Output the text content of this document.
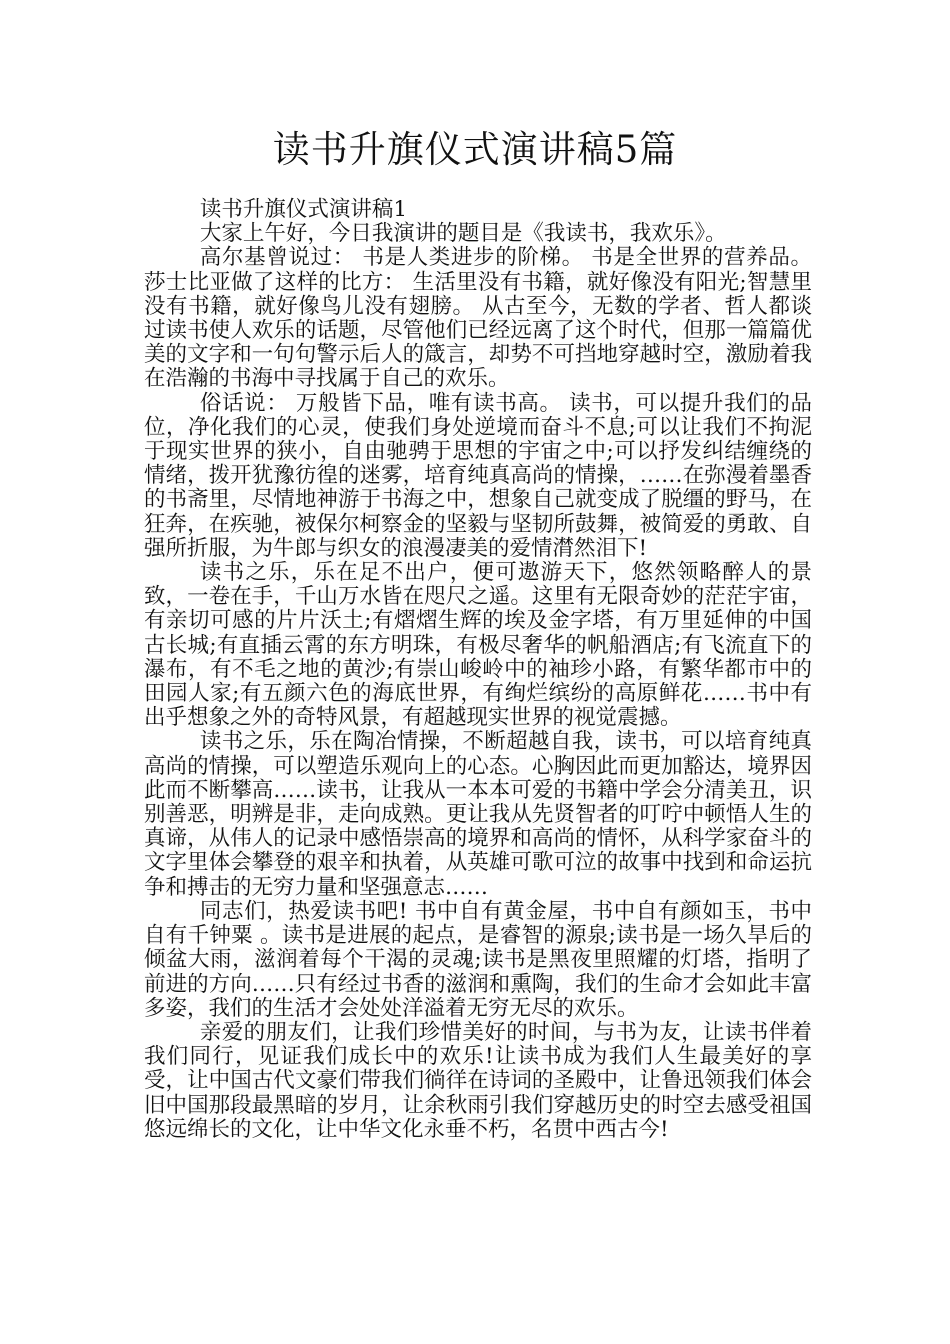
读书升旗仪式演讲稿5篇

读书升旗仪式演讲稿1

大家上午好，今日我演讲的题目是《我读书，我欢乐》。

高尔基曾说过： 书是人类进步的阶梯。 书是全世界的营养品。 莎士比亚做了这样的比方： 生活里没有书籍，就好像没有阳光;智慧里没有书籍，就好像鸟儿没有翅膀。 从古至今，无数的学者、哲人都谈过读书使人欢乐的话题，尽管他们已经远离了这个时代，但那一篇篇优美的文字和一句句警示后人的箴言，却势不可挡地穿越时空，激励着我在浩瀚的书海中寻找属于自己的欢乐。

俗话说： 万般皆下品，唯有读书高。 读书，可以提升我们的品位，净化我们的心灵，使我们身处逆境而奋斗不息;可以让我们不拘泥于现实世界的狭小，自由驰骋于思想的宇宙之中;可以抒发纠结缠绕的情绪，拨开犹豫彷徨的迷雾，培育纯真高尚的情操，……在弥漫着墨香的书斋里，尽情地神游于书海之中，想象自己就变成了脱缰的野马，在狂奔，在疾驰，被保尔柯察金的坚毅与坚韧所鼓舞，被简爱的勇敢、自强所折服，为牛郎与织女的浪漫凄美的爱情潸然泪下!

读书之乐，乐在足不出户，便可遨游天下，悠然领略醉人的景致，一卷在手，千山万水皆在咫尺之遥。这里有无限奇妙的茫茫宇宙，有亲切可感的片片沃土;有熠熠生辉的埃及金字塔，有万里延伸的中国古长城;有直插云霄的东方明珠，有极尽奢华的帆船酒店;有飞流直下的瀑布，有不毛之地的黄沙;有崇山峻岭中的袖珍小路，有繁华都市中的田园人家;有五颜六色的海底世界，有绚烂缤纷的高原鲜花……书中有出乎想象之外的奇特风景，有超越现实世界的视觉震撼。

读书之乐，乐在陶冶情操，不断超越自我，读书，可以培育纯真高尚的情操，可以塑造乐观向上的心态。心胸因此而更加豁达，境界因此而不断攀高……读书，让我从一本本可爱的书籍中学会分清美丑，识别善恶，明辨是非，走向成熟。更让我从先贤智者的叮咛中顿悟人生的真谛，从伟人的记录中感悟崇高的境界和高尚的情怀，从科学家奋斗的文字里体会攀登的艰辛和执着，从英雄可歌可泣的故事中找到和命运抗争和搏击的无穷力量和坚强意志……

同志们，热爱读书吧! 书中自有黄金屋，书中自有颜如玉，书中自有千钟粟 。读书是进展的起点，是睿智的源泉;读书是一场久旱后的倾盆大雨，滋润着每个干渴的灵魂;读书是黑夜里照耀的灯塔，指明了前进的方向……只有经过书香的滋润和熏陶，我们的生命才会如此丰富多姿，我们的生活才会处处洋溢着无穷无尽的欢乐。

亲爱的朋友们，让我们珍惜美好的时间，与书为友，让读书伴着我们同行，见证我们成长中的欢乐!让读书成为我们人生最美好的享受，让中国古代文豪们带我们徜徉在诗词的圣殿中，让鲁迅领我们体会旧中国那段最黑暗的岁月，让余秋雨引我们穿越历史的时空去感受祖国悠远绵长的文化，让中华文化永垂不朽，名贯中西古今!
